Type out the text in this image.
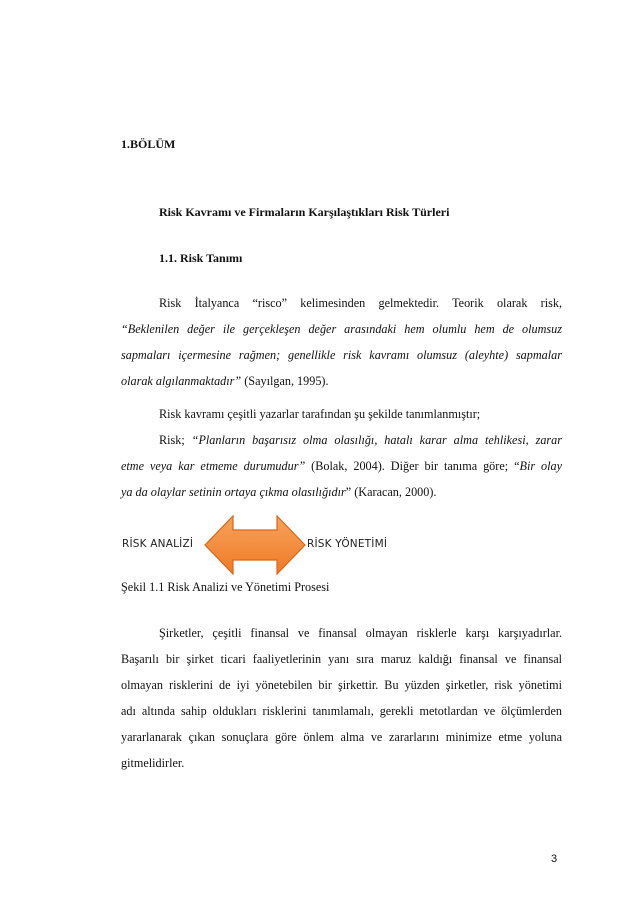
1.BÖLÜM
Risk Kavramı ve Firmaların Karşılaştıkları Risk Türleri
1.1. Risk Tanımı
Risk İtalyanca “risco” kelimesinden gelmektedir. Teorik olarak risk,
“Beklenilen değer ile gerçekleşen değer arasındaki hem olumlu hem de olumsuz
sapmaları içermesine rağmen; genellikle risk kavramı olumsuz (aleyhte) sapmalar
olarak algılanmaktadır” (Sayılgan, 1995).
Risk kavramı çeşitli yazarlar tarafından şu şekilde tanımlanmıştır;
Risk; “Planların başarısız olma olasılığı, hatalı karar alma tehlikesi, zarar
etme veya kar etmeme durumudur” (Bolak, 2004). Diğer bir tanıma göre; “Bir olay
ya da olaylar setinin ortaya çıkma olasılığıdır” (Karacan, 2000).
RİSK ANALİZİ	RİSK YÖNETİMİ
Şekil 1.1 Risk Analizi ve Yönetimi Prosesi
Şirketler, çeşitli finansal ve finansal olmayan risklerle karşı karşıyadırlar.
Başarılı bir şirket ticari faaliyetlerinin yanı sıra maruz kaldığı finansal ve finansal
olmayan risklerini de iyi yönetebilen bir şirkettir. Bu yüzden şirketler, risk yönetimi
adı altında sahip oldukları risklerini tanımlamalı, gerekli metotlardan ve ölçümlerden
yararlanarak çıkan sonuçlara göre önlem alma ve zararlarını minimize etme yoluna
gitmelidirler.
3
